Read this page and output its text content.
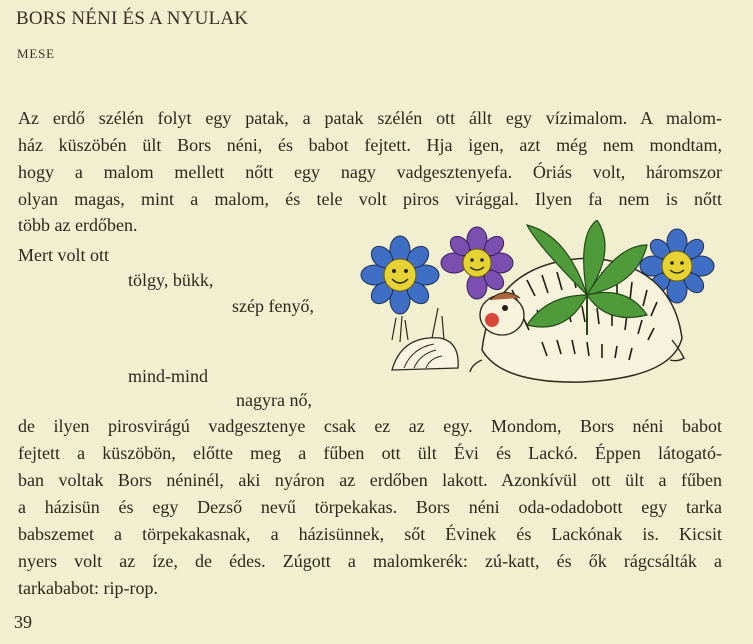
BORS NÉNI ÉS A NYULAK
MESE
Az erdő szélén folyt egy patak, a patak szélén ott állt egy vízimalom. A malom-
ház küszöbén ült Bors néni, és babot fejtett. Hja igen, azt még nem mondtam,
hogy a malom mellett nőtt egy nagy vadgesztenyefa. Óriás volt, háromszor
olyan magas, mint a malom, és tele volt piros virággal. Ilyen fa nem is nőtt
több az erdőben.
Mert volt ott
tölgy, bükk,
szép fenyő,
mind-mind
nagyra nő,
de ilyen pirosvirágú vadgesztenye csak ez az egy. Mondom, Bors néni babot
fejtett a küszöbön, előtte meg a fűben ott ült Évi és Lackó. Éppen látogató-
ban voltak Bors néninél, aki nyáron az erdőben lakott. Azonkívül ott ült a fűben
a házisün és egy Dezső nevű törpekakas. Bors néni oda-odadobott egy tarka
babszemet a törpekakasnak, a házisünnek, sőt Évinek és Lackónak is. Kicsit
nyers volt az íze, de édes. Zúgott a malomkerék: zú-katt, és ők rágcsálták a
tarkababot: rip-rop.
39
